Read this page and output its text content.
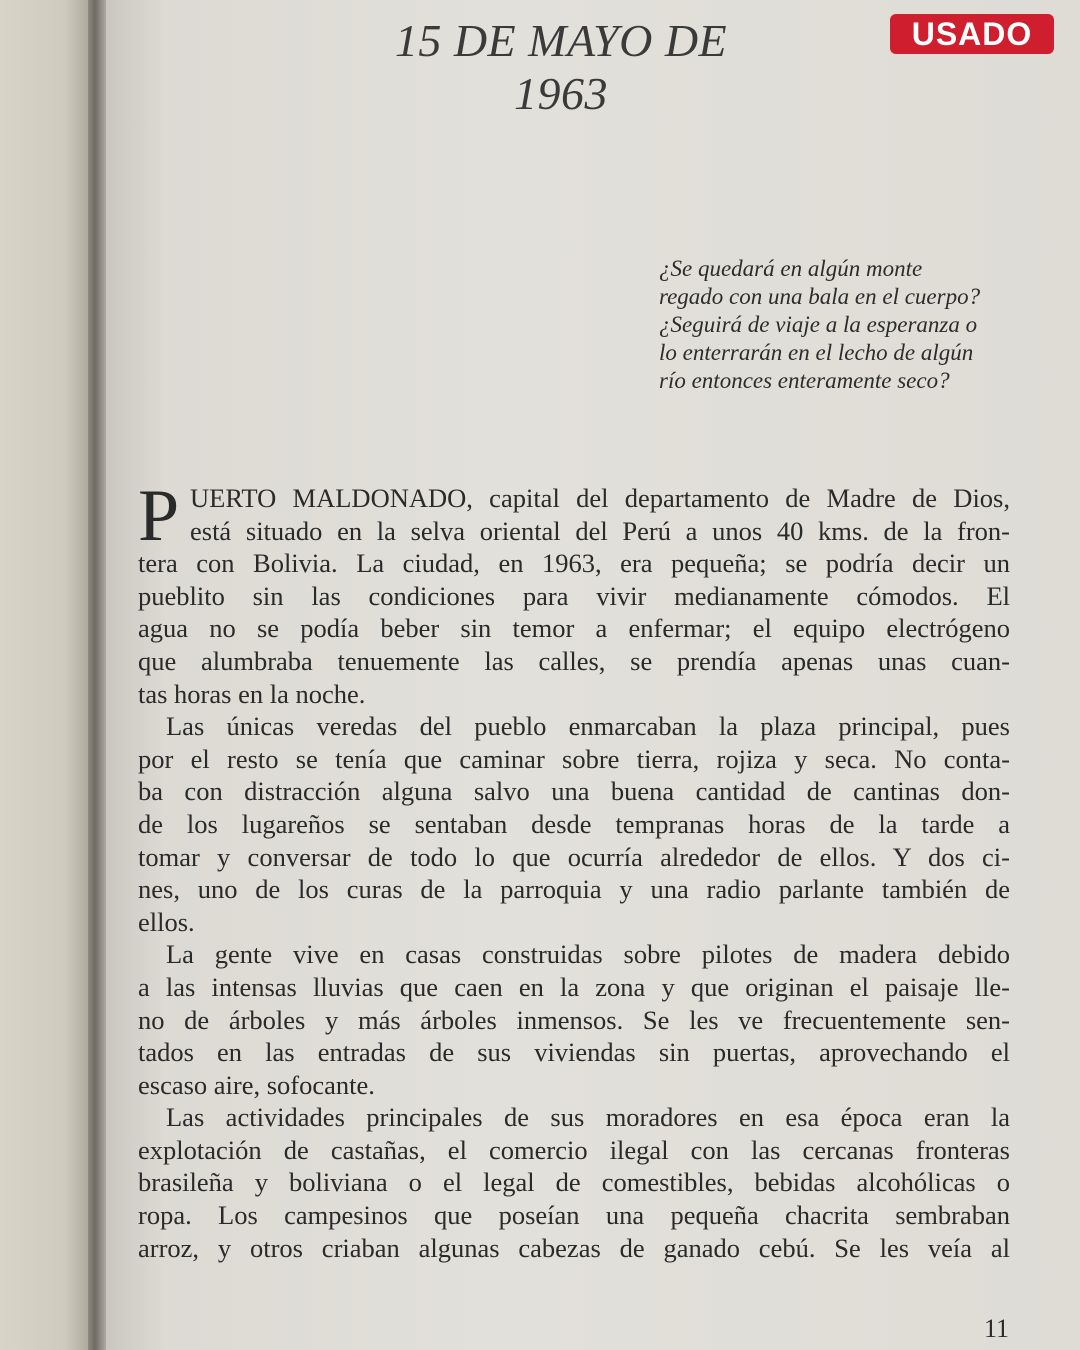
15 DE MAYO DE 1963
USADO
¿Se quedará en algún monte
regado con una bala en el cuerpo?
¿Seguirá de viaje a la esperanza o
lo enterrarán en el lecho de algún
río entonces enteramente seco?
P UERTO MALDONADO, capital del departamento de Madre de Dios,
está situado en la selva oriental del Perú a unos 40 kms. de la fron-
tera con Bolivia. La ciudad, en 1963, era pequeña; se podría decir un
pueblito sin las condiciones para vivir medianamente cómodos. El
agua no se podía beber sin temor a enfermar; el equipo electrógeno
que alumbraba tenuemente las calles, se prendía apenas unas cuan-
tas horas en la noche.
Las únicas veredas del pueblo enmarcaban la plaza principal, pues
por el resto se tenía que caminar sobre tierra, rojiza y seca. No conta-
ba con distracción alguna salvo una buena cantidad de cantinas don-
de los lugareños se sentaban desde tempranas horas de la tarde a
tomar y conversar de todo lo que ocurría alrededor de ellos. Y dos ci-
nes, uno de los curas de la parroquia y una radio parlante también de
ellos.
La gente vive en casas construidas sobre pilotes de madera debido
a las intensas lluvias que caen en la zona y que originan el paisaje lle-
no de árboles y más árboles inmensos. Se les ve frecuentemente sen-
tados en las entradas de sus viviendas sin puertas, aprovechando el
escaso aire, sofocante.
Las actividades principales de sus moradores en esa época eran la
explotación de castañas, el comercio ilegal con las cercanas fronteras
brasileña y boliviana o el legal de comestibles, bebidas alcohólicas o
ropa. Los campesinos que poseían una pequeña chacrita sembraban
arroz, y otros criaban algunas cabezas de ganado cebú. Se les veía al
11
